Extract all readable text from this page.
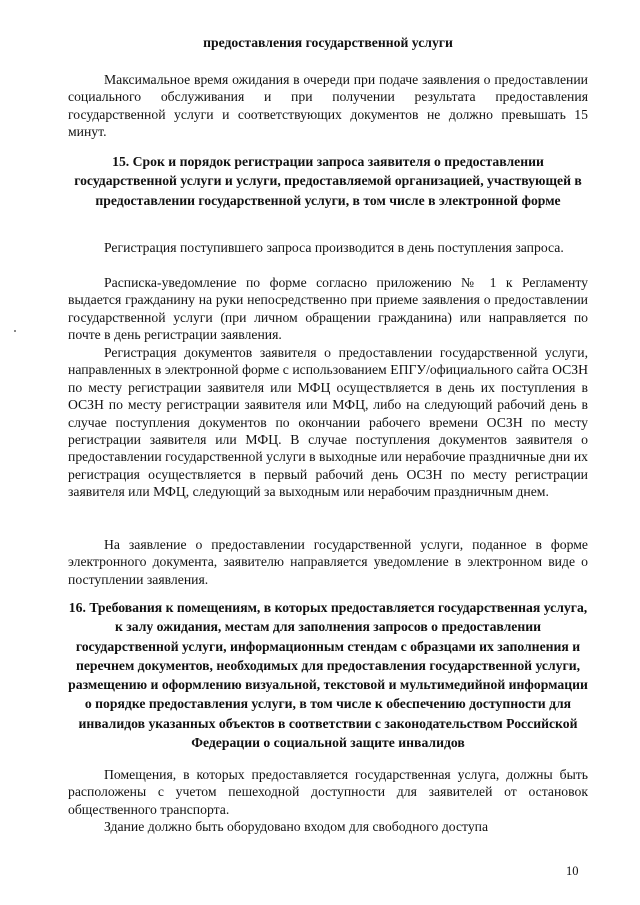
предоставления государственной услуги
Максимальное время ожидания в очереди при подаче заявления о предоставлении социального обслуживания и при получении результата предоставления государственной услуги и соответствующих документов не должно превышать 15 минут.
15. Срок и порядок регистрации запроса заявителя о предоставлении государственной услуги и услуги, предоставляемой организацией, участвующей в предоставлении государственной услуги, в том числе в электронной форме
Регистрация поступившего запроса производится в день поступления запроса.
Расписка-уведомление по форме согласно приложению № 1 к Регламенту выдается гражданину на руки непосредственно при приеме заявления о предоставлении государственной услуги (при личном обращении гражданина) или направляется по почте в день регистрации заявления.
Регистрация документов заявителя о предоставлении государственной услуги, направленных в электронной форме с использованием ЕПГУ/официального сайта ОСЗН по месту регистрации заявителя или МФЦ осуществляется в день их поступления в ОСЗН по месту регистрации заявителя или МФЦ, либо на следующий рабочий день в случае поступления документов по окончании рабочего времени ОСЗН по месту регистрации заявителя или МФЦ. В случае поступления документов заявителя о предоставлении государственной услуги в выходные или нерабочие праздничные дни их регистрация осуществляется в первый рабочий день ОСЗН по месту регистрации заявителя или МФЦ, следующий за выходным или нерабочим праздничным днем.
На заявление о предоставлении государственной услуги, поданное в форме электронного документа, заявителю направляется уведомление в электронном виде о поступлении заявления.
16. Требования к помещениям, в которых предоставляется государственная услуга, к залу ожидания, местам для заполнения запросов о предоставлении государственной услуги, информационным стендам с образцами их заполнения и перечнем документов, необходимых для предоставления государственной услуги, размещению и оформлению визуальной, текстовой и мультимедийной информации о порядке предоставления услуги, в том числе к обеспечению доступности для инвалидов указанных объектов в соответствии с законодательством Российской Федерации о социальной защите инвалидов
Помещения, в которых предоставляется государственная услуга, должны быть расположены с учетом пешеходной доступности для заявителей от остановок общественного транспорта.
Здание должно быть оборудовано входом для свободного доступа
10
